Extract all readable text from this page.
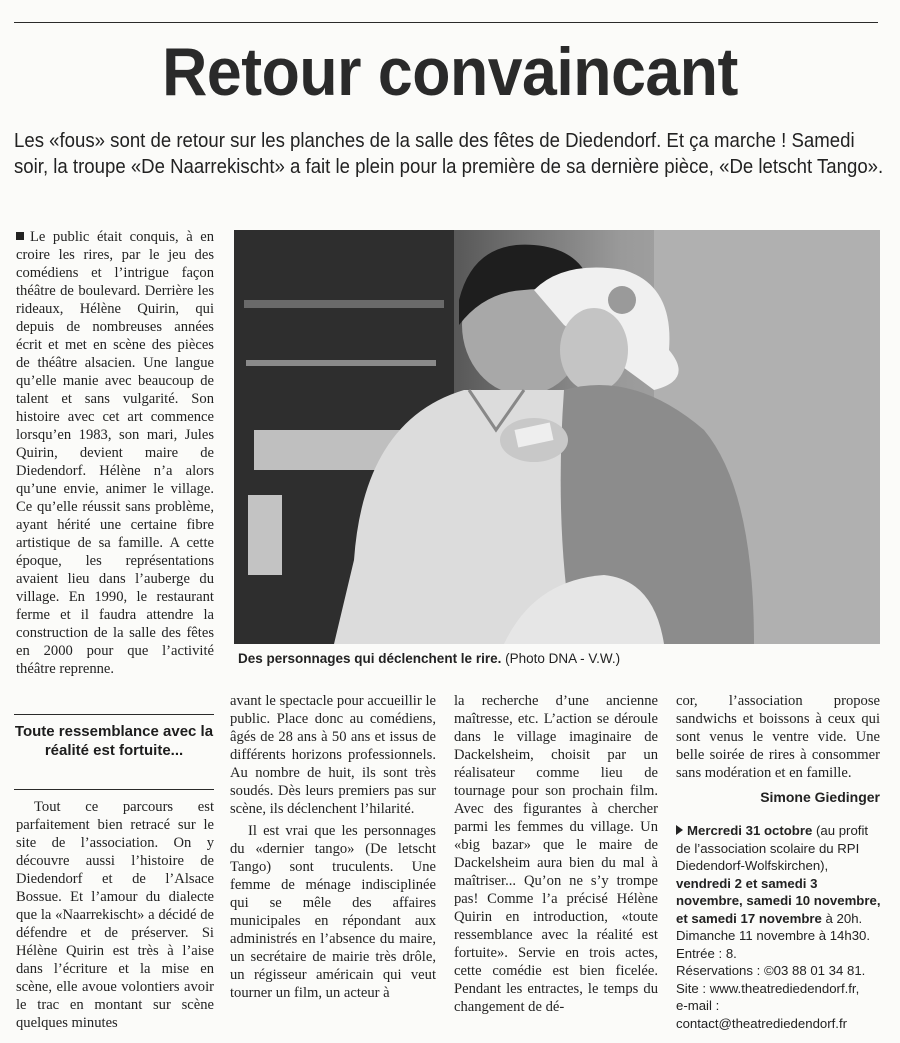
Retour convaincant
Les «fous» sont de retour sur les planches de la salle des fêtes de Diedendorf. Et ça marche ! Samedi soir, la troupe «De Naarrekischt» a fait le plein pour la première de sa dernière pièce, «De letscht Tango».

Le public était conquis, à en croire les rires, par le jeu des comédiens et l’intrigue façon théâtre de boulevard. Derrière les rideaux, Hélène Quirin, qui depuis de nombreuses années écrit et met en scène des pièces de théâtre alsacien. Une langue qu’elle manie avec beaucoup de talent et sans vulgarité. Son histoire avec cet art commence lorsqu’en 1983, son mari, Jules Quirin, devient maire de Diedendorf. Hélène n’a alors qu’une envie, animer le village. Ce qu’elle réussit sans problème, ayant hérité une certaine fibre artistique de sa famille. A cette époque, les représentations avaient lieu dans l’auberge du village. En 1990, le restaurant ferme et il faudra attendre la construction de la salle des fêtes en 2000 pour que l’activité théâtre reprenne.

Des personnages qui déclenchent le rire. (Photo DNA - V.W.)
Toute ressemblance avec la réalité est fortuite...

Tout ce parcours est parfaitement bien retracé sur le site de l’association. On y découvre aussi l’histoire de Diedendorf et de l’Alsace Bossue. Et l’amour du dialecte que la «Naarrekischt» a décidé de défendre et de préserver. Si Hélène Quirin est très à l’aise dans l’écriture et la mise en scène, elle avoue volontiers avoir le trac en montant sur scène quelques minutes

avant le spectacle pour accueillir le public. Place donc au comédiens, âgés de 28 ans à 50 ans et issus de différents horizons professionnels. Au nombre de huit, ils sont très soudés. Dès leurs premiers pas sur scène, ils déclenchent l’hilarité.

Il est vrai que les personnages du «dernier tango» (De letscht Tango) sont truculents. Une femme de ménage indisciplinée qui se mêle des affaires municipales en répondant aux administrés en l’absence du maire, un secrétaire de mairie très drôle, un régisseur américain qui veut tourner un film, un acteur à

la recherche d’une ancienne maîtresse, etc. L’action se déroule dans le village imaginaire de Dackelsheim, choisit par un réalisateur comme lieu de tournage pour son prochain film. Avec des figurantes à chercher parmi les femmes du village. Un «big bazar» que le maire de Dackelsheim aura bien du mal à maîtriser... Qu’on ne s’y trompe pas! Comme l’a précisé Hélène Quirin en introduction, «toute ressemblance avec la réalité est fortuite». Servie en trois actes, cette comédie est bien ficelée. Pendant les entractes, le temps du changement de dé-

cor, l’association propose sandwichs et boissons à ceux qui sont venus le ventre vide. Une belle soirée de rires à consommer sans modération et en famille.

Simone Giedinger
Mercredi 31 octobre (au profit de l’association scolaire du RPI Diedendorf-Wolfskirchen), vendredi 2 et samedi 3 novembre, samedi 10 novembre, et samedi 17 novembre à 20h. Dimanche 11 novembre à 14h30. Entrée : 8.
Réservations : ©03 88 01 34 81.
Site : www.theatrediedendorf.fr,
e-mail :
contact@theatrediedendorf.fr
